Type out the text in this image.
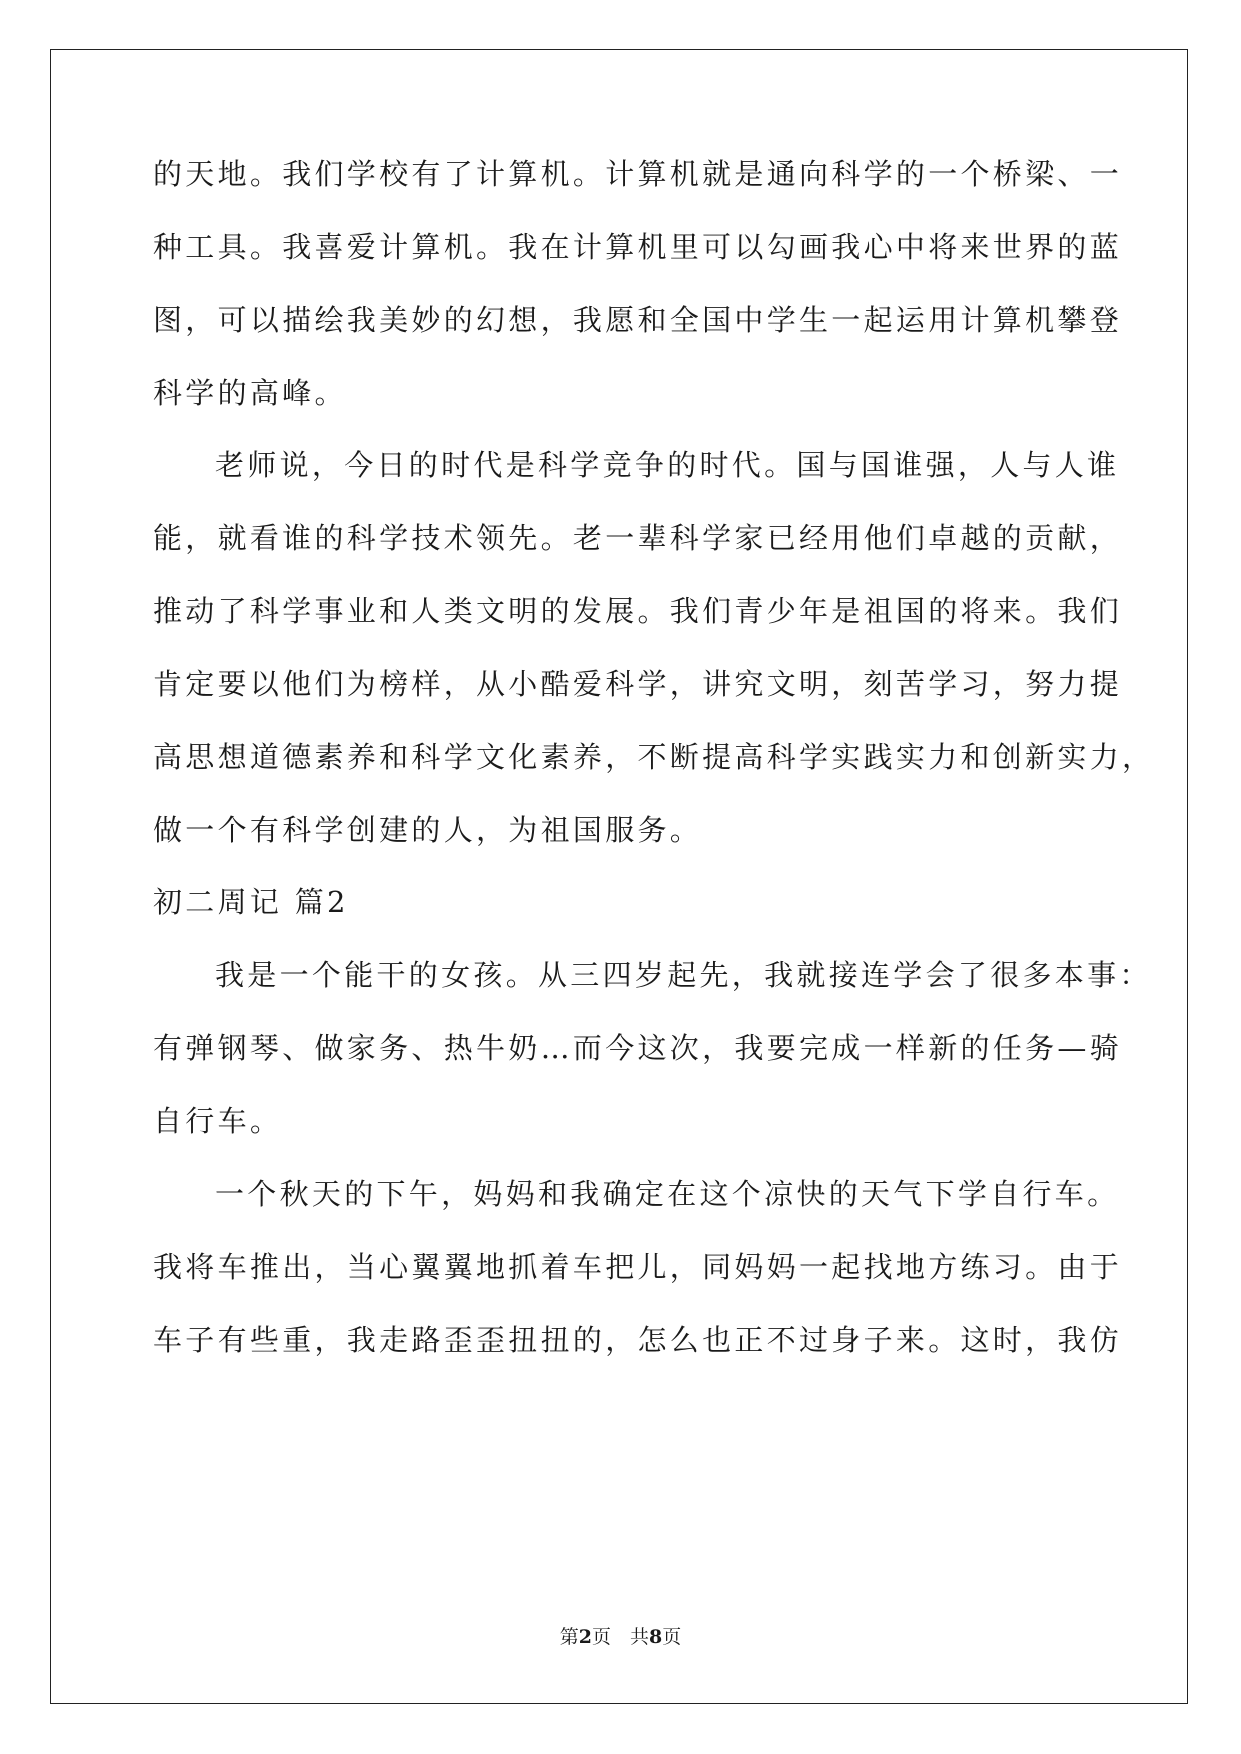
的天地。我们学校有了计算机。计算机就是通向科学的一个桥梁、一
种工具。我喜爱计算机。我在计算机里可以勾画我心中将来世界的蓝
图，可以描绘我美妙的幻想，我愿和全国中学生一起运用计算机攀登
科学的高峰。
老师说，今日的时代是科学竞争的时代。国与国谁强，人与人谁
能，就看谁的科学技术领先。老一辈科学家已经用他们卓越的贡献，
推动了科学事业和人类文明的发展。我们青少年是祖国的将来。我们
肯定要以他们为榜样，从小酷爱科学，讲究文明，刻苦学习，努力提
高思想道德素养和科学文化素养，不断提高科学实践实力和创新实力，
做一个有科学创建的人，为祖国服务。
初二周记 篇2
我是一个能干的女孩。从三四岁起先，我就接连学会了很多本事：
有弹钢琴、做家务、热牛奶…而今这次，我要完成一样新的任务—骑
自行车。
一个秋天的下午，妈妈和我确定在这个凉快的天气下学自行车。
我将车推出，当心翼翼地抓着车把儿，同妈妈一起找地方练习。由于
车子有些重，我走路歪歪扭扭的，怎么也正不过身子来。这时，我仿
第2页　共8页
